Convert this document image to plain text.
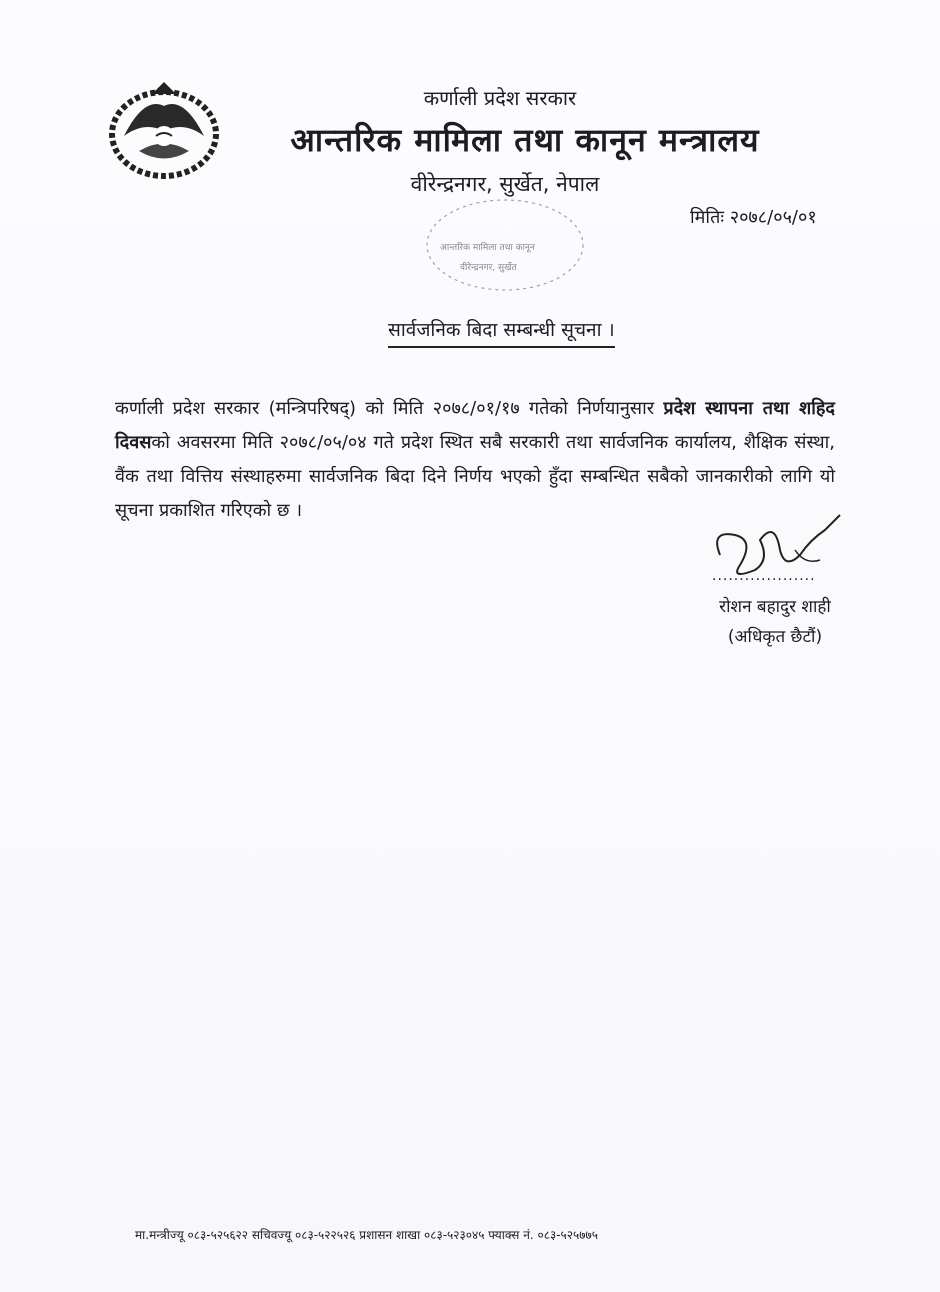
कर्णाली प्रदेश सरकार
आन्तरिक मामिला तथा कानून मन्त्रालय
वीरेन्द्रनगर, सुर्खेत, नेपाल
मितिः २०७८/०५/०१
आन्तरिक मामिला तथा कानून
वीरेन्द्रनगर, सुर्खेत
सार्वजनिक बिदा सम्बन्धी सूचना ।
कर्णाली प्रदेश सरकार (मन्त्रिपरिषद्) को मिति २०७८/०१/१७ गतेको निर्णयानुसार प्रदेश स्थापना तथा शहिद दिवसको अवसरमा मिति २०७८/०५/०४ गते प्रदेश स्थित सबै सरकारी तथा सार्वजनिक कार्यालय, शैक्षिक संस्था, वैंक तथा वित्तिय संस्थाहरुमा सार्वजनिक बिदा दिने निर्णय भएको हुँदा सम्बन्धित सबैको जानकारीको लागि यो सूचना प्रकाशित गरिएको छ ।
...................
रोशन बहादुर शाही
(अधिकृत छैटौं)
मा.मन्त्रीज्यू ०८३-५२५६२२ सचिवज्यू ०८३-५२२५२६ प्रशासन शाखा ०८३-५२३०४५ फ्याक्स नं. ०८३-५२५७७५
